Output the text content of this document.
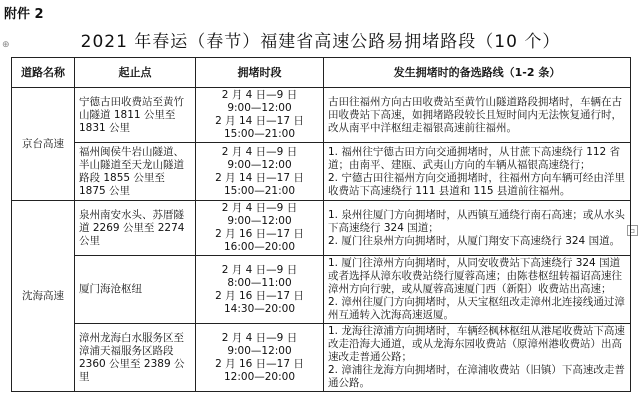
附件 2
⊕
▫
2021 年春运（春节）福建省高速公路易拥堵路段（10 个）
道路名称	起止点	拥堵时段	发生拥堵时的备选路线（1-2 条）
京台高速	宁德古田收费站至黄竹山隧道 1811 公里至 1831 公里	2 月 4 日—9 日
9:00—12:00
2 月 14 日—17 日
15:00—21:00	古田往福州方向古田收费站至黄竹山隧道路段拥堵时，车辆在古田收费站下高速，如拥堵路段较长且短时间内无法恢复通行时，改从南平中洋枢纽走福银高速前往福州。

	福州闽侯牛岩山隧道、半山隧道至天龙山隧道路段 1855 公里至 1875 公里	2 月 4 日—9 日
9:00—12:00
2 月 14 日—17 日
15:00—21:00	1. 福州往宁德古田方向交通拥堵时，从甘蔗下高速绕行 112 省道；由南平、建瓯、武夷山方向的车辆从福银高速绕行；
2. 宁德古田往福州方向交通拥堵时，往福州方向车辆可经由洋里收费站下高速绕行 111 县道和 115 县道前往福州。

沈海高速	泉州南安水头、苏厝隧道 2269 公里至 2274 公里	2 月 4 日—9 日
9:00—12:00
2 月 16 日—17 日
16:00—20:00	1. 泉州往厦门方向拥堵时，从西镇互通绕行南石高速；或从水头下高速绕行 324 国道；
2. 厦门往泉州方向拥堵时，从厦门翔安下高速绕行 324 国道。

	厦门海沧枢纽	2 月 4 日—9 日
8:00—11:00
2 月 16 日—17 日
14:30—20:00	1. 厦门往漳州方向拥堵时，从同安收费站下高速绕行 324 国道或者选择从漳东收费站绕行厦蓉高速；由陈巷枢纽转福诏高速往漳州方向行驶，或从厦蓉高速厦门西（新阳）收费站出高速；
2. 漳州往厦门方向拥堵时，从天宝枢纽改走漳州北连接线通过漳州互通转入沈海高速返厦。

	漳州龙海白水服务区至漳浦天福服务区路段 2360 公里至 2389 公里	2 月 4 日—9 日
9:00—12:00
2 月 16 日—17 日
12:00—20:00	1. 龙海往漳浦方向拥堵时，车辆经枫林枢纽从港尾收费站下高速改走沿海大通道，或从龙海东园收费站（原漳州港收费站）出高速改走普通公路；
2. 漳浦往龙海方向拥堵时，在漳浦收费站（旧镇）下高速改走普通公路。
